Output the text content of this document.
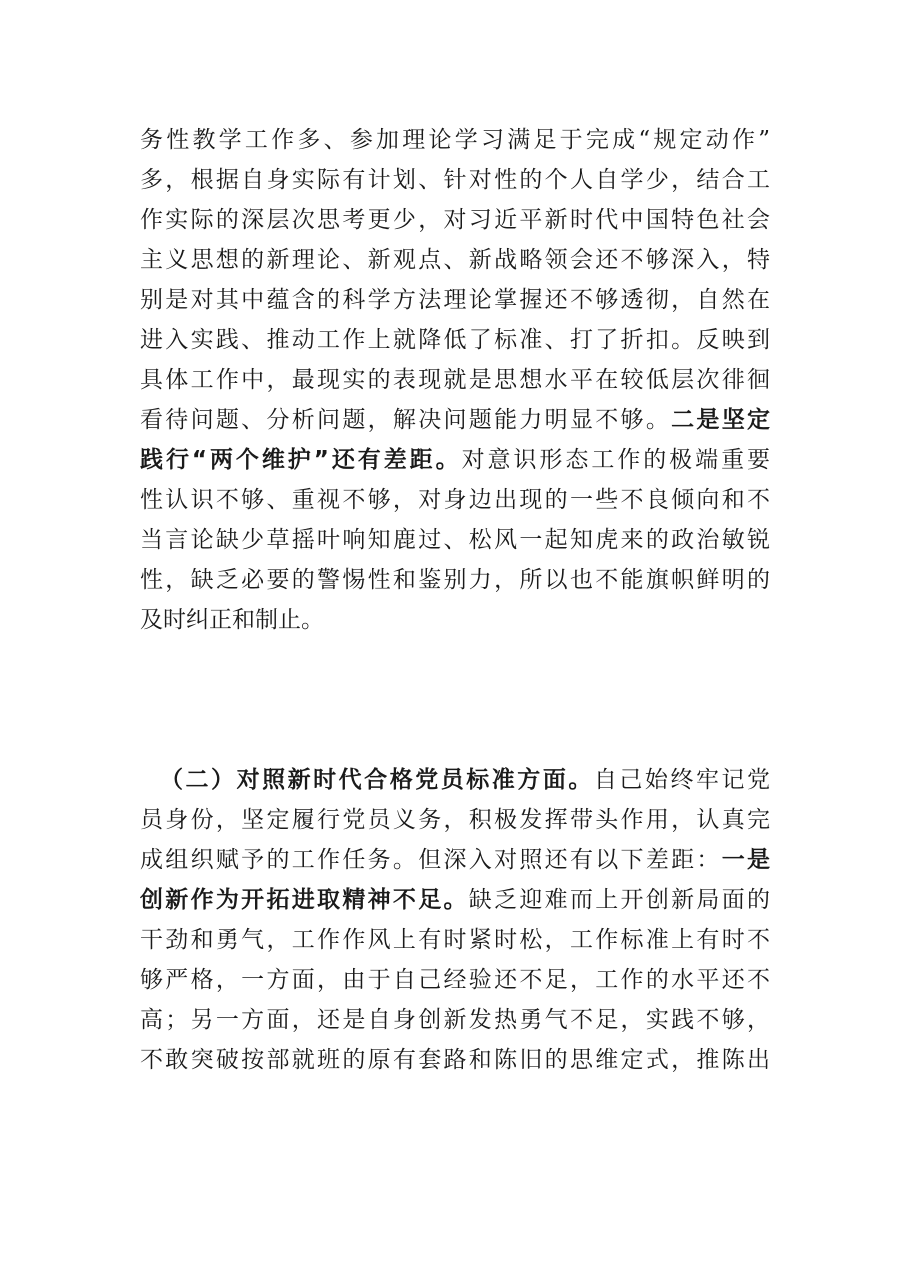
务性教学工作多、参加理论学习满足于完成“规定动作”
多，根据自身实际有计划、针对性的个人自学少，结合工
作实际的深层次思考更少，对习近平新时代中国特色社会
主义思想的新理论、新观点、新战略领会还不够深入，特
别是对其中蕴含的科学方法理论掌握还不够透彻，自然在
进入实践、推动工作上就降低了标准、打了折扣。反映到
具体工作中，最现实的表现就是思想水平在较低层次徘徊
看待问题、分析问题，解决问题能力明显不够。二是坚定
践行“两个维护”还有差距。对意识形态工作的极端重要
性认识不够、重视不够，对身边出现的一些不良倾向和不
当言论缺少草摇叶响知鹿过、松风一起知虎来的政治敏锐
性，缺乏必要的警惕性和鉴别力，所以也不能旗帜鲜明的
及时纠正和制止。
（二）对照新时代合格党员标准方面。自己始终牢记党
员身份，坚定履行党员义务，积极发挥带头作用，认真完
成组织赋予的工作任务。但深入对照还有以下差距：一是
创新作为开拓进取精神不足。缺乏迎难而上开创新局面的
干劲和勇气，工作作风上有时紧时松，工作标准上有时不
够严格，一方面，由于自己经验还不足，工作的水平还不
高；另一方面，还是自身创新发热勇气不足，实践不够，
不敢突破按部就班的原有套路和陈旧的思维定式，推陈出
